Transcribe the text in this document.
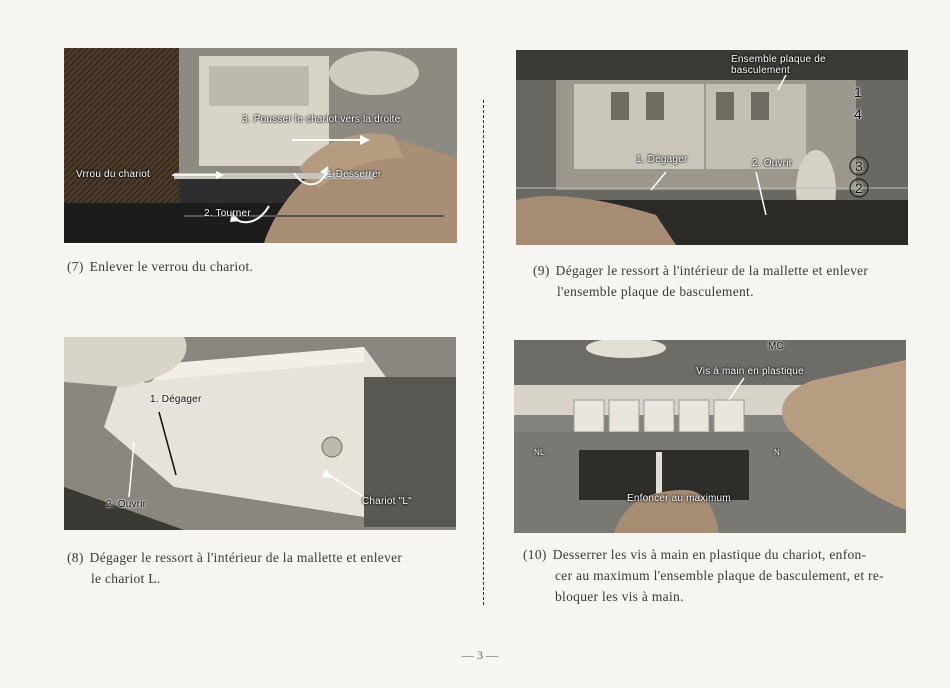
3. Pousser le chariot vers la droite
Vrrou du chariot	1.Desserrer
2. Tourner
(7) Enlever le verrou du chariot.
Ensemble plaque de basculement
1. Dégager	2. Ouvrir
1
4
3
2
(9) Dégager le ressort à l'intérieur de la mallette et enlever
l'ensemble plaque de basculement.
1. Dégager
2. Ouvrir	Chariot "L"
(8) Dégager le ressort à l'intérieur de la mallette et enlever
le chariot L.
Vis à main en plastique
Enfoncer au maximum
MC
NL	N
(10) Desserrer les vis à main en plastique du chariot, enfon-
cer au maximum l'ensemble plaque de basculement, et re-
bloquer les vis à main.
— 3 —
